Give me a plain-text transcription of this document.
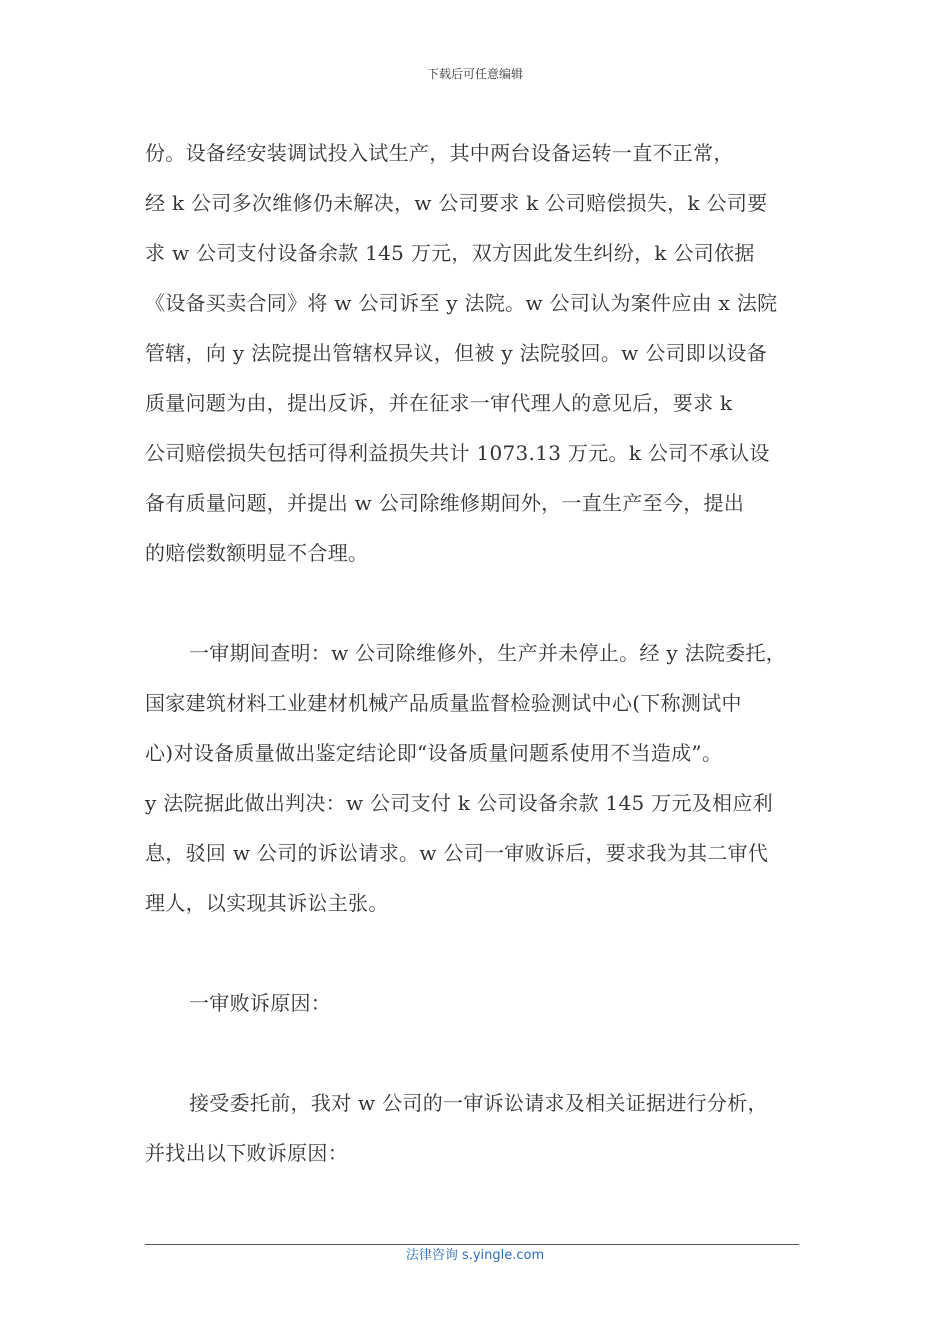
下载后可任意编辑
份。设备经安装调试投入试生产，其中两台设备运转一直不正常，
经 k 公司多次维修仍未解决，w 公司要求 k 公司赔偿损失，k 公司要
求 w 公司支付设备余款 145 万元，双方因此发生纠纷，k 公司依据
《设备买卖合同》将 w 公司诉至 y 法院。w 公司认为案件应由 x 法院
管辖，向 y 法院提出管辖权异议，但被 y 法院驳回。w 公司即以设备
质量问题为由，提出反诉，并在征求一审代理人的意见后，要求 k
公司赔偿损失包括可得利益损失共计 1073.13 万元。k 公司不承认设
备有质量问题，并提出 w 公司除维修期间外，一直生产至今，提出
的赔偿数额明显不合理。
一审期间查明：w 公司除维修外，生产并未停止。经 y 法院委托，
国家建筑材料工业建材机械产品质量监督检验测试中心(下称测试中
心)对设备质量做出鉴定结论即“设备质量问题系使用不当造成”。
y 法院据此做出判决：w 公司支付 k 公司设备余款 145 万元及相应利
息，驳回 w 公司的诉讼请求。w 公司一审败诉后，要求我为其二审代
理人，以实现其诉讼主张。
一审败诉原因：
接受委托前，我对 w 公司的一审诉讼请求及相关证据进行分析，
并找出以下败诉原因：
法律咨询 s.yingle.com
